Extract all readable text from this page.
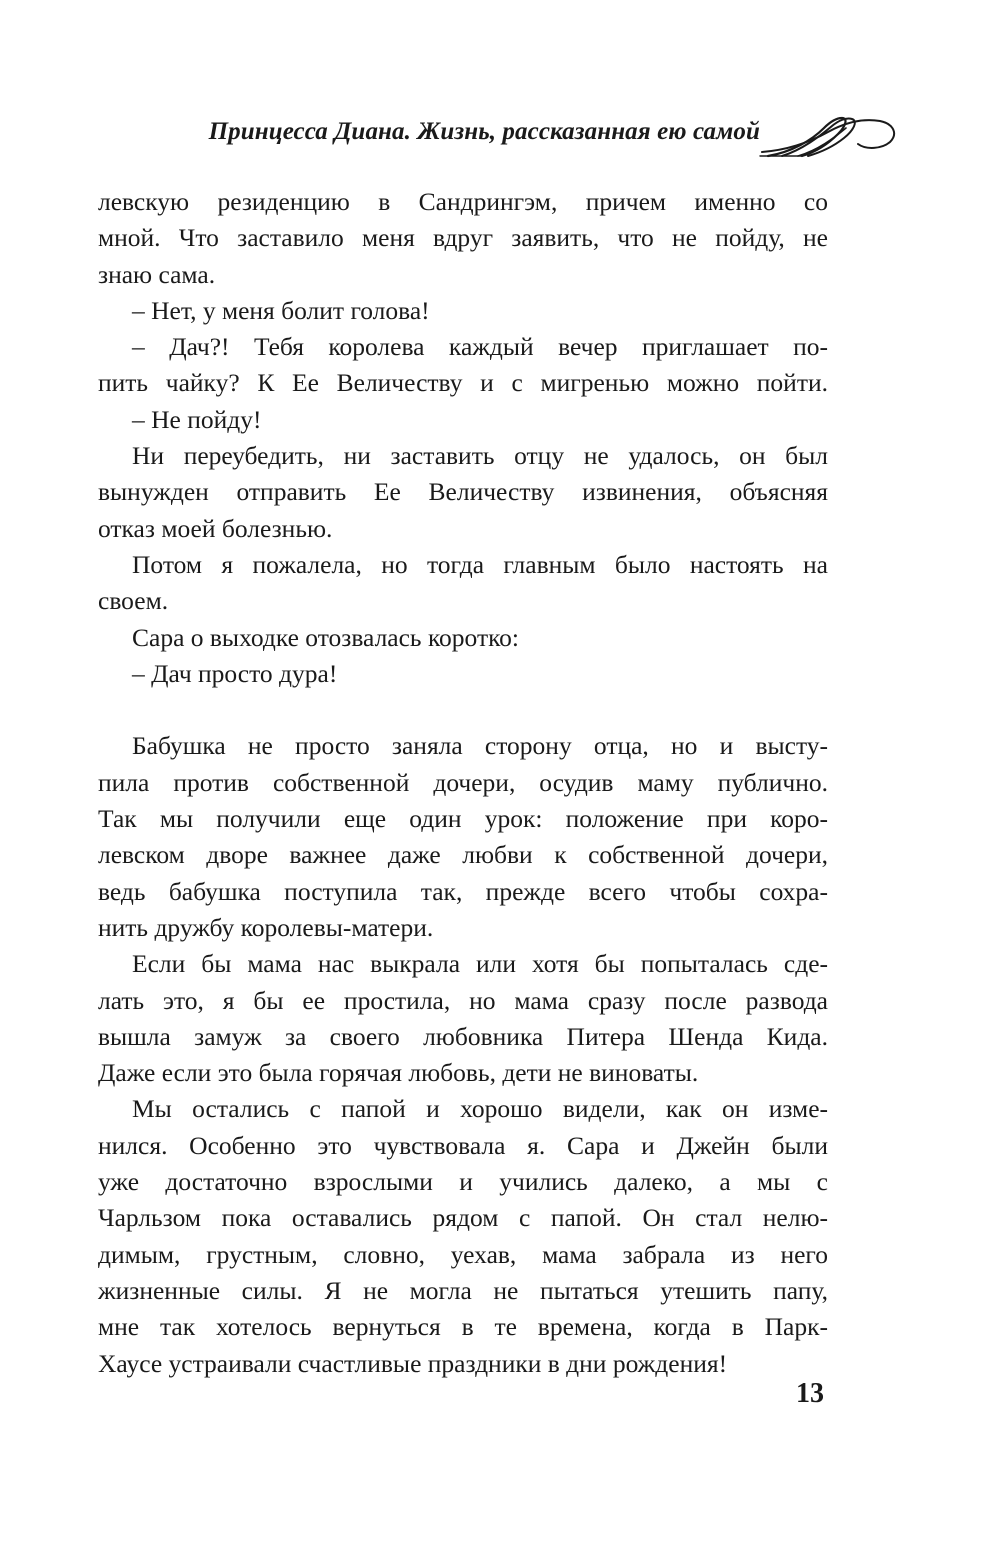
Принцесса Диана. Жизнь, рассказанная ею самой
левскую резиденцию в Сандрингэм, причем именно со
мной. Что заставило меня вдруг заявить, что не пойду, не
знаю сама.
– Нет, у меня болит голова!
– Дач?! Тебя королева каждый вечер приглашает по-
пить чайку? К Ее Величеству и с мигренью можно пойти.
– Не пойду!
Ни переубедить, ни заставить отцу не удалось, он был
вынужден отправить Ее Величеству извинения, объясняя
отказ моей болезнью.
Потом я пожалела, но тогда главным было настоять на
своем.
Сара о выходке отозвалась коротко:
– Дач просто дура!
Бабушка не просто заняла сторону отца, но и высту-
пила против собственной дочери, осудив маму публично.
Так мы получили еще один урок: положение при коро-
левском дворе важнее даже любви к собственной дочери,
ведь бабушка поступила так, прежде всего чтобы сохра-
нить дружбу королевы-матери.
Если бы мама нас выкрала или хотя бы попыталась сде-
лать это, я бы ее простила, но мама сразу после развода
вышла замуж за своего любовника Питера Шенда Кида.
Даже если это была горячая любовь, дети не виноваты.
Мы остались с папой и хорошо видели, как он изме-
нился. Особенно это чувствовала я. Сара и Джейн были
уже достаточно взрослыми и учились далеко, а мы с
Чарльзом пока оставались рядом с папой. Он стал нелю-
димым, грустным, словно, уехав, мама забрала из него
жизненные силы. Я не могла не пытаться утешить папу,
мне так хотелось вернуться в те времена, когда в Парк-
Хаусе устраивали счастливые праздники в дни рождения!
13
